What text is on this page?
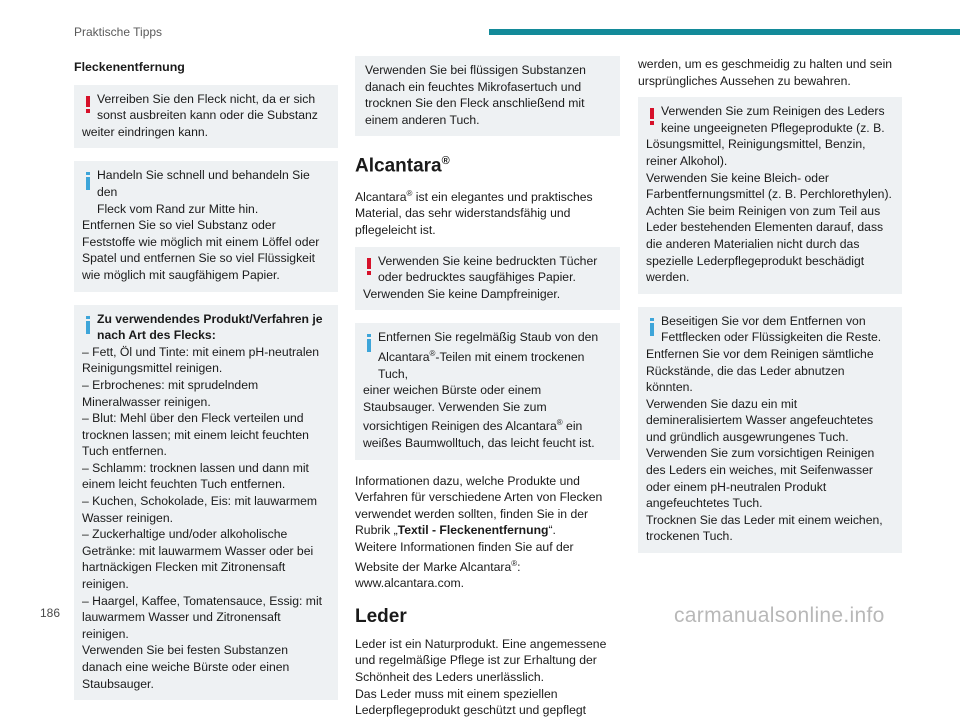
Praktische Tipps
Fleckenentfernung
Verreiben Sie den Fleck nicht, da er sich
sonst ausbreiten kann oder die Substanz
weiter eindringen kann.
Handeln Sie schnell und behandeln Sie den
Fleck vom Rand zur Mitte hin.
Entfernen Sie so viel Substanz oder Feststoffe wie möglich mit einem Löffel oder Spatel und entfernen Sie so viel Flüssigkeit wie möglich mit saugfähigem Papier.
Zu verwendendes Produkt/Verfahren je
nach Art des Flecks:
– Fett, Öl und Tinte: mit einem pH-neutralen Reinigungsmittel reinigen.
– Erbrochenes: mit sprudelndem Mineralwasser reinigen.
– Blut: Mehl über den Fleck verteilen und trocknen lassen; mit einem leicht feuchten Tuch entfernen.
– Schlamm: trocknen lassen und dann mit einem leicht feuchten Tuch entfernen.
– Kuchen, Schokolade, Eis: mit lauwarmem Wasser reinigen.
– Zuckerhaltige und/oder alkoholische Getränke: mit lauwarmem Wasser oder bei hartnäckigen Flecken mit Zitronensaft reinigen.
– Haargel, Kaffee, Tomatensauce, Essig: mit lauwarmem Wasser und Zitronensaft reinigen.
Verwenden Sie bei festen Substanzen danach eine weiche Bürste oder einen Staubsauger.
Verwenden Sie bei flüssigen Substanzen danach ein feuchtes Mikrofasertuch und trocknen Sie den Fleck anschließend mit einem anderen Tuch.
Alcantara®

Alcantara® ist ein elegantes und praktisches Material, das sehr widerstandsfähig und pflegeleicht ist.

Verwenden Sie keine bedruckten Tücher
oder bedrucktes saugfähiges Papier.
Verwenden Sie keine Dampfreiniger.
Entfernen Sie regelmäßig Staub von den
Alcantara®-Teilen mit einem trockenen Tuch,
einer weichen Bürste oder einem Staubsauger. Verwenden Sie zum vorsichtigen Reinigen des Alcantara® ein weißes Baumwolltuch, das leicht feucht ist.

Informationen dazu, welche Produkte und Verfahren für verschiedene Arten von Flecken verwendet werden sollten, finden Sie in der Rubrik „Textil - Fleckenentfernung“.

Weitere Informationen finden Sie auf der Website der Marke Alcantara®: www.alcantara.com.

Leder

Leder ist ein Naturprodukt. Eine angemessene und regelmäßige Pflege ist zur Erhaltung der Schönheit des Leders unerlässlich.

Das Leder muss mit einem speziellen Lederpflegeprodukt geschützt und gepflegt

werden, um es geschmeidig zu halten und sein ursprüngliches Aussehen zu bewahren.

Verwenden Sie zum Reinigen des Leders
keine ungeeigneten Pflegeprodukte (z. B.
Lösungsmittel, Reinigungsmittel, Benzin, reiner Alkohol).
Verwenden Sie keine Bleich- oder Farbentfernungsmittel (z. B. Perchlorethylen).
Achten Sie beim Reinigen von zum Teil aus Leder bestehenden Elementen darauf, dass die anderen Materialien nicht durch das spezielle Lederpflegeprodukt beschädigt werden.
Beseitigen Sie vor dem Entfernen von
Fettflecken oder Flüssigkeiten die Reste.
Entfernen Sie vor dem Reinigen sämtliche Rückstände, die das Leder abnutzen könnten.
Verwenden Sie dazu ein mit demineralisiertem Wasser angefeuchtetes und gründlich ausgewrungenes Tuch.
Verwenden Sie zum vorsichtigen Reinigen des Leders ein weiches, mit Seifenwasser oder einem pH-neutralen Produkt angefeuchtetes Tuch.
Trocknen Sie das Leder mit einem weichen, trockenen Tuch.
186	carmanualsonline.info
